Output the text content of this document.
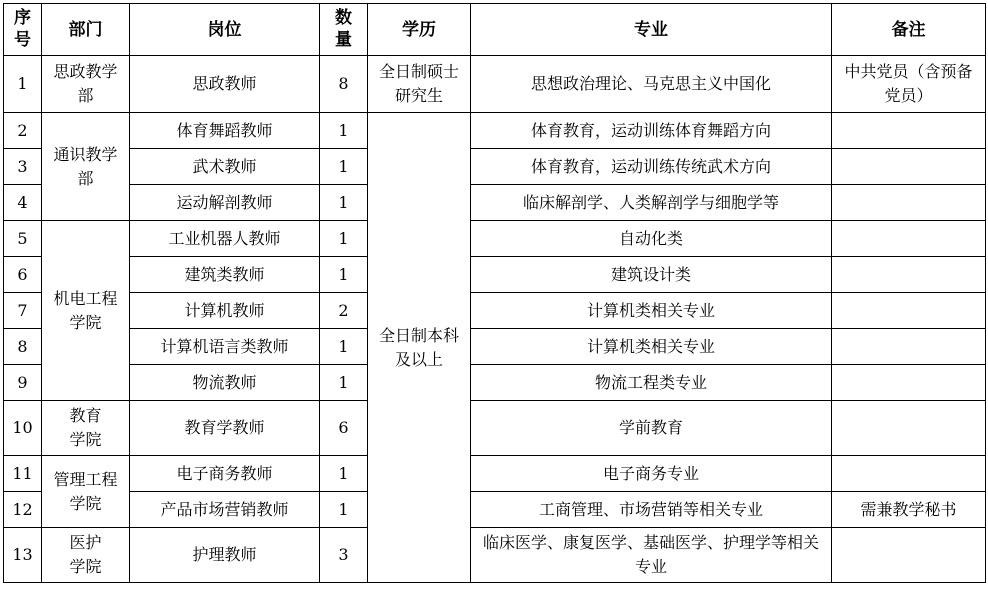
序号	部门	岗位	数量	学历	专业	备注
1	思政教学部	思政教师	8	全日制硕士研究生	思想政治理论、马克思主义中国化	中共党员（含预备党员）
2	通识教学部	体育舞蹈教师	1	全日制本科及以上	体育教育，运动训练体育舞蹈方向	
3		武术教师	1		体育教育，运动训练传统武术方向	
4		运动解剖教师	1		临床解剖学、人类解剖学与细胞学等	
5	机电工程学院	工业机器人教师	1		自动化类	
6		建筑类教师	1		建筑设计类	
7		计算机教师	2		计算机类相关专业	
8		计算机语言类教师	1		计算机类相关专业	
9		物流教师	1		物流工程类专业	
10	教育学院	教育学教师	6		学前教育	
11	管理工程学院	电子商务教师	1		电子商务专业	
12		产品市场营销教师	1		工商管理、市场营销等相关专业	需兼教学秘书
13	医护学院	护理教师	3		临床医学、康复医学、基础医学、护理学等相关专业	
